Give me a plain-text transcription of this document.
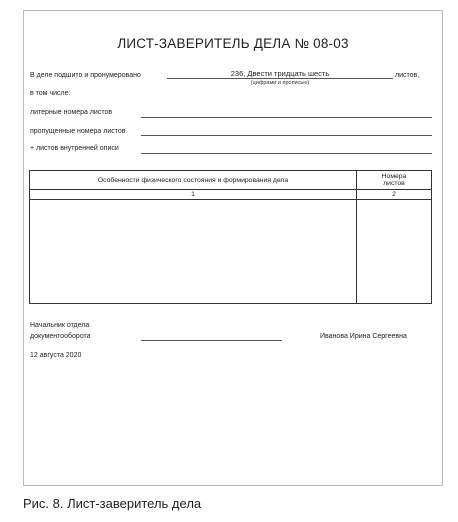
ЛИСТ-ЗАВЕРИТЕЛЬ ДЕЛА № 08-03
В деле подшито и пронумеровано	236, Двести тридцать шесть
(цифрами и прописью)
листов,
в том числе:
литерные номера листов
пропущенные номера листов
+ листов внутренней описи
Особенности физического состояния и формирования дела	Номера
листов

1	2

Начальник отдела
документооборота	Иванова Ирина Сергеевна
12 августа 2020
Рис. 8. Лист-заверитель дела
